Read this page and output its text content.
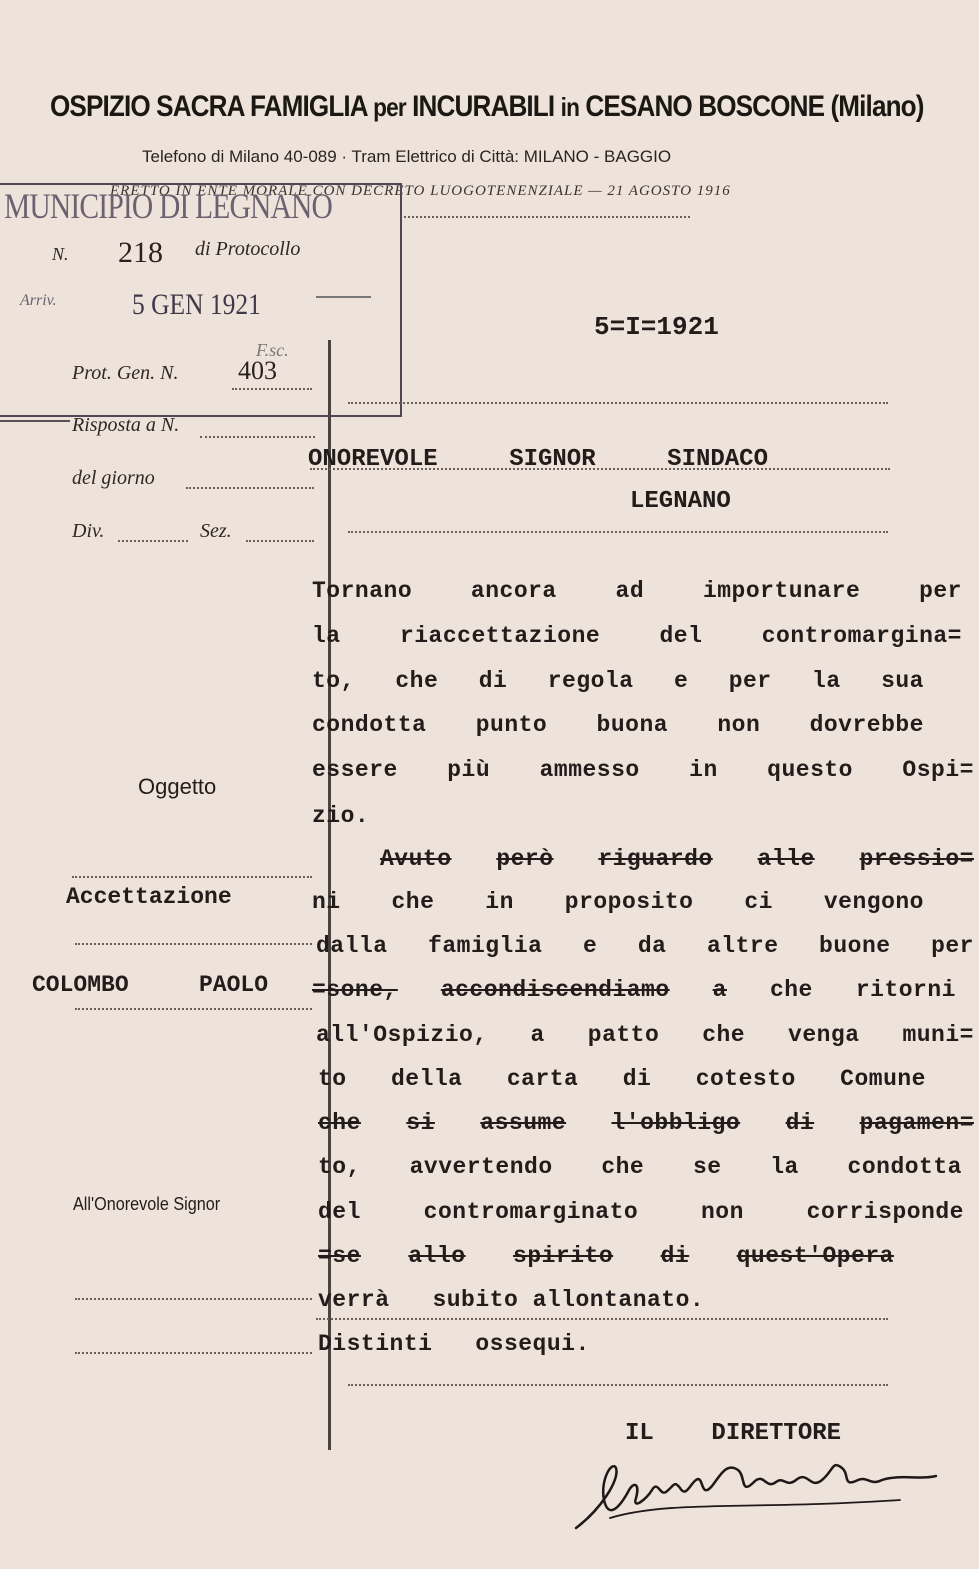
OSPIZIO SACRA FAMIGLIA per INCURABILI in CESANO BOSCONE (Milano)
Telefono di Milano 40-089 · Tram Elettrico di Città: MILANO - BAGGIO
ERETTO IN ENTE MORALE CON DECRETO LUOGOTENENZIALE — 21 AGOSTO 1916
MUNICIPIO DI LEGNANO
N. 218 di Protocollo
Arriv.	5 GEN 1921
F.sc.
Prot. Gen. N. 403
Risposta a N.
del giorno
Div.	Sez.
5=I=1921
ONOREVOLE	SIGNOR	SINDACO
LEGNANO
Tornano	ancora	ad	importunare	per
la	riaccettazione	del	contromargina=
to, che di regola e per la sua
condotta punto buona non dovrebbe
essere più ammesso in questo Ospi=
zio.
Avuto però riguardo alle pressio=
ni che in proposito ci vengono
dalla famiglia e da altre buone per
=sone, accondiscendiamo a che ritorni
all'Ospizio, a patto che venga muni=
to della carta di cotesto Comune
che si assume l'obbligo di pagamen=
to, avvertendo che se la condotta
del	contromarginato	non	corrisponde
=se allo spirito di quest'Opera
verrà subito allontanato.
Distinti ossequi.
Oggetto
Accettazione
COLOMBO	PAOLO
All'Onorevole Signor
IL DIRETTORE
